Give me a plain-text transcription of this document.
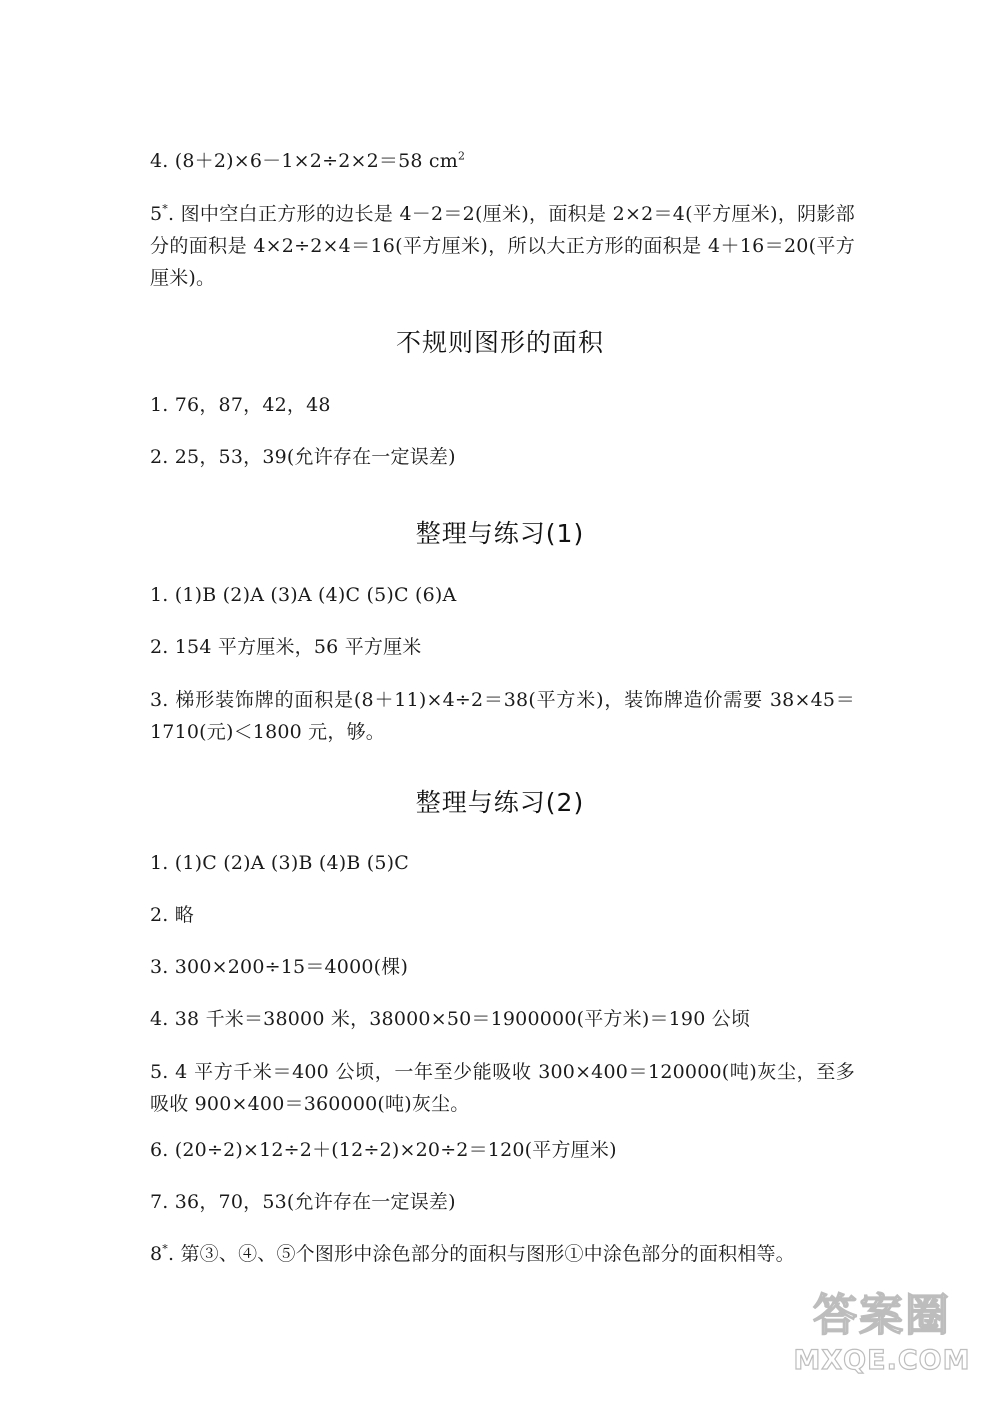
4. (8＋2)×6－1×2÷2×2＝58 $cm^2$
5*. 图中空白正方形的边长是 4－2＝2(厘米)，面积是 2×2＝4(平方厘米)，阴影部分的面积是 4×2÷2×4＝16(平方厘米)，所以大正方形的面积是 4＋16＝20(平方厘米)。
不规则图形的面积
1. 76，87，42，48
2. 25，53，39(允许存在一定误差)
整理与练习(1)
1. (1)B (2)A (3)A (4)C (5)C (6)A
2. 154 平方厘米，56 平方厘米
3. 梯形装饰牌的面积是(8＋11)×4÷2＝38(平方米)，装饰牌造价需要 38×45＝1710(元)＜1800 元，够。
整理与练习(2)
1. (1)C (2)A (3)B (4)B (5)C
2. 略
3. 300×200÷15＝4000(棵)
4. 38 千米＝38000 米，38000×50＝1900000(平方米)＝190 公顷
5. 4 平方千米＝400 公顷，一年至少能吸收 300×400＝120000(吨)灰尘，至多吸收 900×400＝360000(吨)灰尘。
6. (20÷2)×12÷2＋(12÷2)×20÷2＝120(平方厘米)
7. 36，70，53(允许存在一定误差)
8*. 第③、④、⑤个图形中涂色部分的面积与图形①中涂色部分的面积相等。
答案圈
MXQE.COM
